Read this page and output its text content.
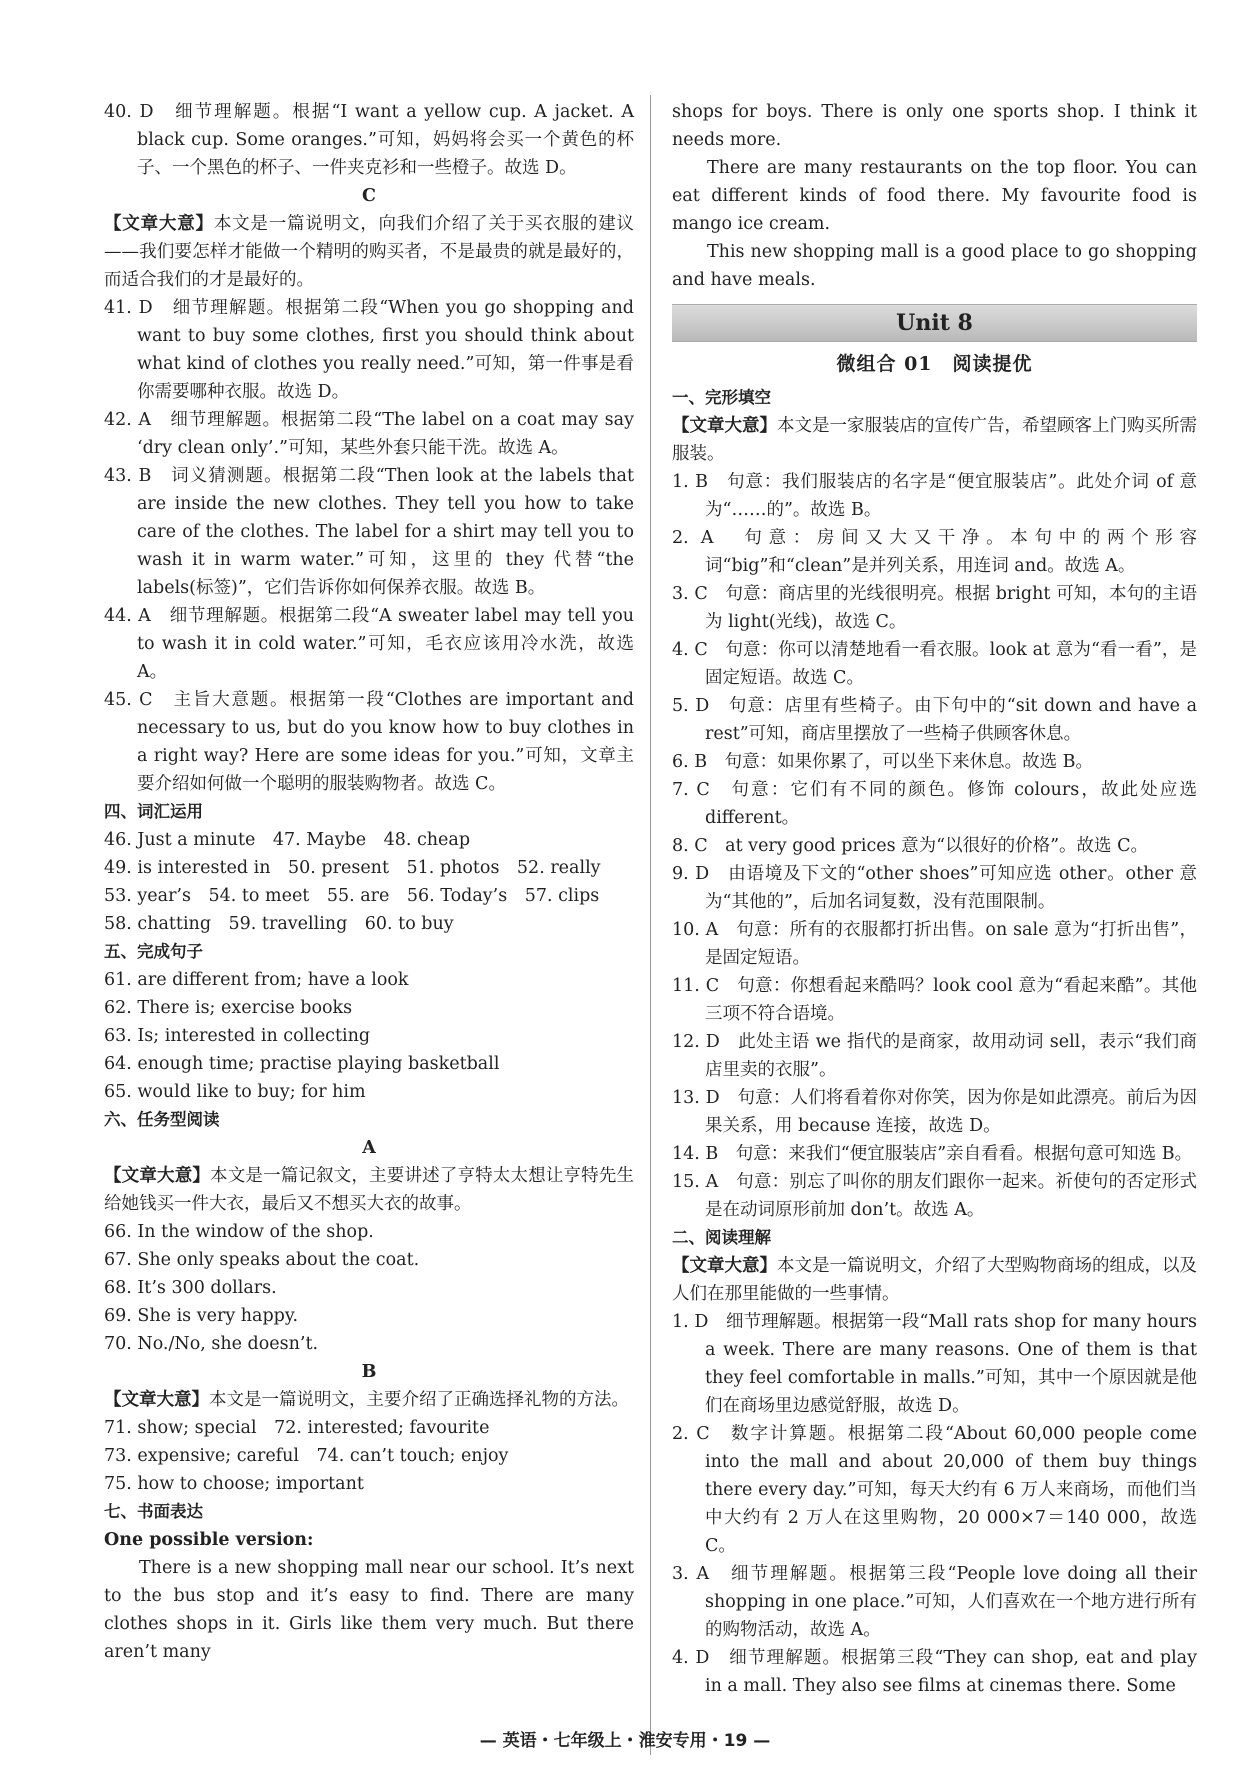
40. D　细节理解题。根据“I want a yellow cup. A jacket. A black cup. Some oranges.”可知，妈妈将会买一个黄色的杯子、一个黑色的杯子、一件夹克衫和一些橙子。故选 D。

C

【文章大意】本文是一篇说明文，向我们介绍了关于买衣服的建议——我们要怎样才能做一个精明的购买者，不是最贵的就是最好的，而适合我们的才是最好的。

41. D　细节理解题。根据第二段“When you go shopping and want to buy some clothes, first you should think about what kind of clothes you really need.”可知，第一件事是看你需要哪种衣服。故选 D。

42. A　细节理解题。根据第二段“The label on a coat may say ‘dry clean only’.”可知，某些外套只能干洗。故选 A。

43. B　词义猜测题。根据第二段“Then look at the labels that are inside the new clothes. They tell you how to take care of the clothes. The label for a shirt may tell you to wash it in warm water.”可知，这里的 they 代替“the labels(标签)”，它们告诉你如何保养衣服。故选 B。

44. A　细节理解题。根据第二段“A sweater label may tell you to wash it in cold water.”可知，毛衣应该用冷水洗，故选 A。

45. C　主旨大意题。根据第一段“Clothes are important and necessary to us, but do you know how to buy clothes in a right way? Here are some ideas for you.”可知，文章主要介绍如何做一个聪明的服装购物者。故选 C。

四、词汇运用

46. Just a minute　47. Maybe　48. cheap

49. is interested in　50. present　51. photos　52. really

53. year’s　54. to meet　55. are　56. Today’s　57. clips

58. chatting　59. travelling　60. to buy

五、完成句子

61. are different from; have a look

62. There is; exercise books

63. Is; interested in collecting

64. enough time; practise playing basketball

65. would like to buy; for him

六、任务型阅读

A

【文章大意】本文是一篇记叙文，主要讲述了亨特太太想让亨特先生给她钱买一件大衣，最后又不想买大衣的故事。

66. In the window of the shop.

67. She only speaks about the coat.

68. It’s 300 dollars.

69. She is very happy.

70. No./No, she doesn’t.

B

【文章大意】本文是一篇说明文，主要介绍了正确选择礼物的方法。

71. show; special　72. interested; favourite

73. expensive; careful　74. can’t touch; enjoy

75. how to choose; important

七、书面表达

One possible version:

There is a new shopping mall near our school. It’s next to the bus stop and it’s easy to find. There are many clothes shops in it. Girls like them very much. But there aren’t many

shops for boys. There is only one sports shop. I think it needs more.

There are many restaurants on the top floor. You can eat different kinds of food there. My favourite food is mango ice cream.

This new shopping mall is a good place to go shopping and have meals.

Unit 8

微组合 01　阅读提优

一、完形填空

【文章大意】本文是一家服装店的宣传广告，希望顾客上门购买所需服装。

1. B　句意：我们服装店的名字是“便宜服装店”。此处介词 of 意为“……的”。故选 B。

2. A　句意：房间又大又干净。本句中的两个形容词“big”和“clean”是并列关系，用连词 and。故选 A。

3. C　句意：商店里的光线很明亮。根据 bright 可知，本句的主语为 light(光线)，故选 C。

4. C　句意：你可以清楚地看一看衣服。look at 意为“看一看”，是固定短语。故选 C。

5. D　句意：店里有些椅子。由下句中的“sit down and have a rest”可知，商店里摆放了一些椅子供顾客休息。

6. B　句意：如果你累了，可以坐下来休息。故选 B。

7. C　句意：它们有不同的颜色。修饰 colours，故此处应选 different。

8. C　at very good prices 意为“以很好的价格”。故选 C。

9. D　由语境及下文的“other shoes”可知应选 other。other 意为“其他的”，后加名词复数，没有范围限制。

10. A　句意：所有的衣服都打折出售。on sale 意为“打折出售”，是固定短语。

11. C　句意：你想看起来酷吗？look cool 意为“看起来酷”。其他三项不符合语境。

12. D　此处主语 we 指代的是商家，故用动词 sell，表示“我们商店里卖的衣服”。

13. D　句意：人们将看着你对你笑，因为你是如此漂亮。前后为因果关系，用 because 连接，故选 D。

14. B　句意：来我们“便宜服装店”亲自看看。根据句意可知选 B。

15. A　句意：别忘了叫你的朋友们跟你一起来。祈使句的否定形式是在动词原形前加 don’t。故选 A。

二、阅读理解

【文章大意】本文是一篇说明文，介绍了大型购物商场的组成，以及人们在那里能做的一些事情。

1. D　细节理解题。根据第一段“Mall rats shop for many hours a week. There are many reasons. One of them is that they feel comfortable in malls.”可知，其中一个原因就是他们在商场里边感觉舒服，故选 D。

2. C　数字计算题。根据第二段“About 60,000 people come into the mall and about 20,000 of them buy things there every day.”可知，每天大约有 6 万人来商场，而他们当中大约有 2 万人在这里购物，20 000×7＝140 000，故选 C。

3. A　细节理解题。根据第三段“People love doing all their shopping in one place.”可知，人们喜欢在一个地方进行所有的购物活动，故选 A。

4. D　细节理解题。根据第三段“They can shop, eat and play in a mall. They also see films at cinemas there. Some

— 英语・七年级上・淮安专用・19 —
